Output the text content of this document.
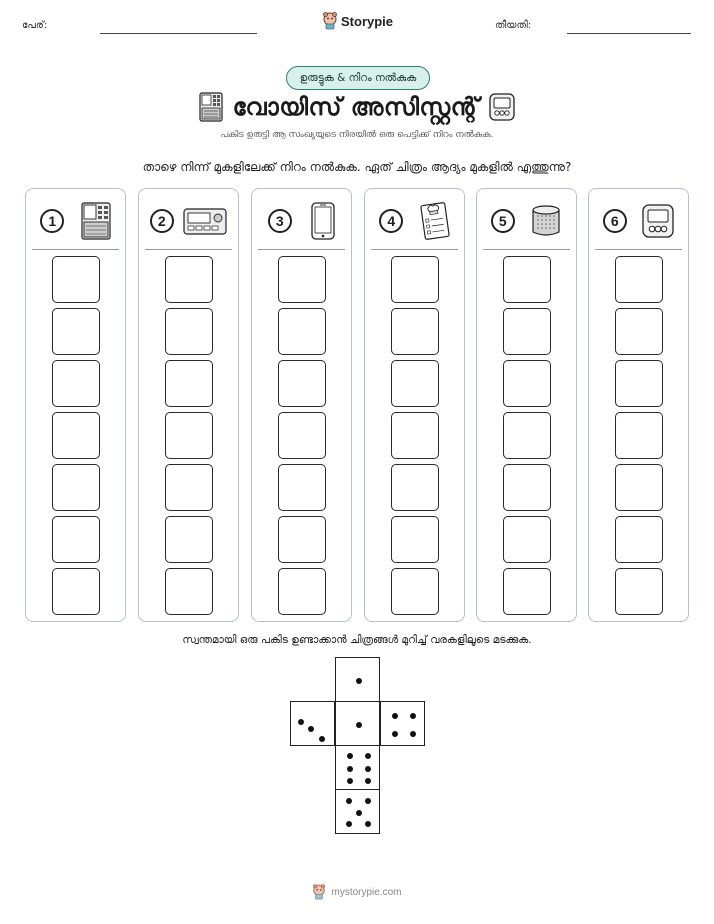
പേര്:	Storypie	തീയതി:
ഉരുട്ടുക & നിറം നൽകുക
വോയിസ് അസിസ്റ്റന്റ്
പകിട ഉരുട്ടി ആ സംഖ്യയുടെ നിരയിൽ ഒരു പെട്ടിക്ക് നിറം നൽകുക.
താഴെ നിന്ന് മുകളിലേക്ക് നിറം നൽകുക. ഏത് ചിത്രം ആദ്യം മുകളിൽ എത്തുന്നു?
1	2	3	4	5	6
സ്വന്തമായി ഒരു പകിട ഉണ്ടാക്കാൻ ചിത്രങ്ങൾ മുറിച്ച് വരകളിലൂടെ മടക്കുക.
mystorypie.com
